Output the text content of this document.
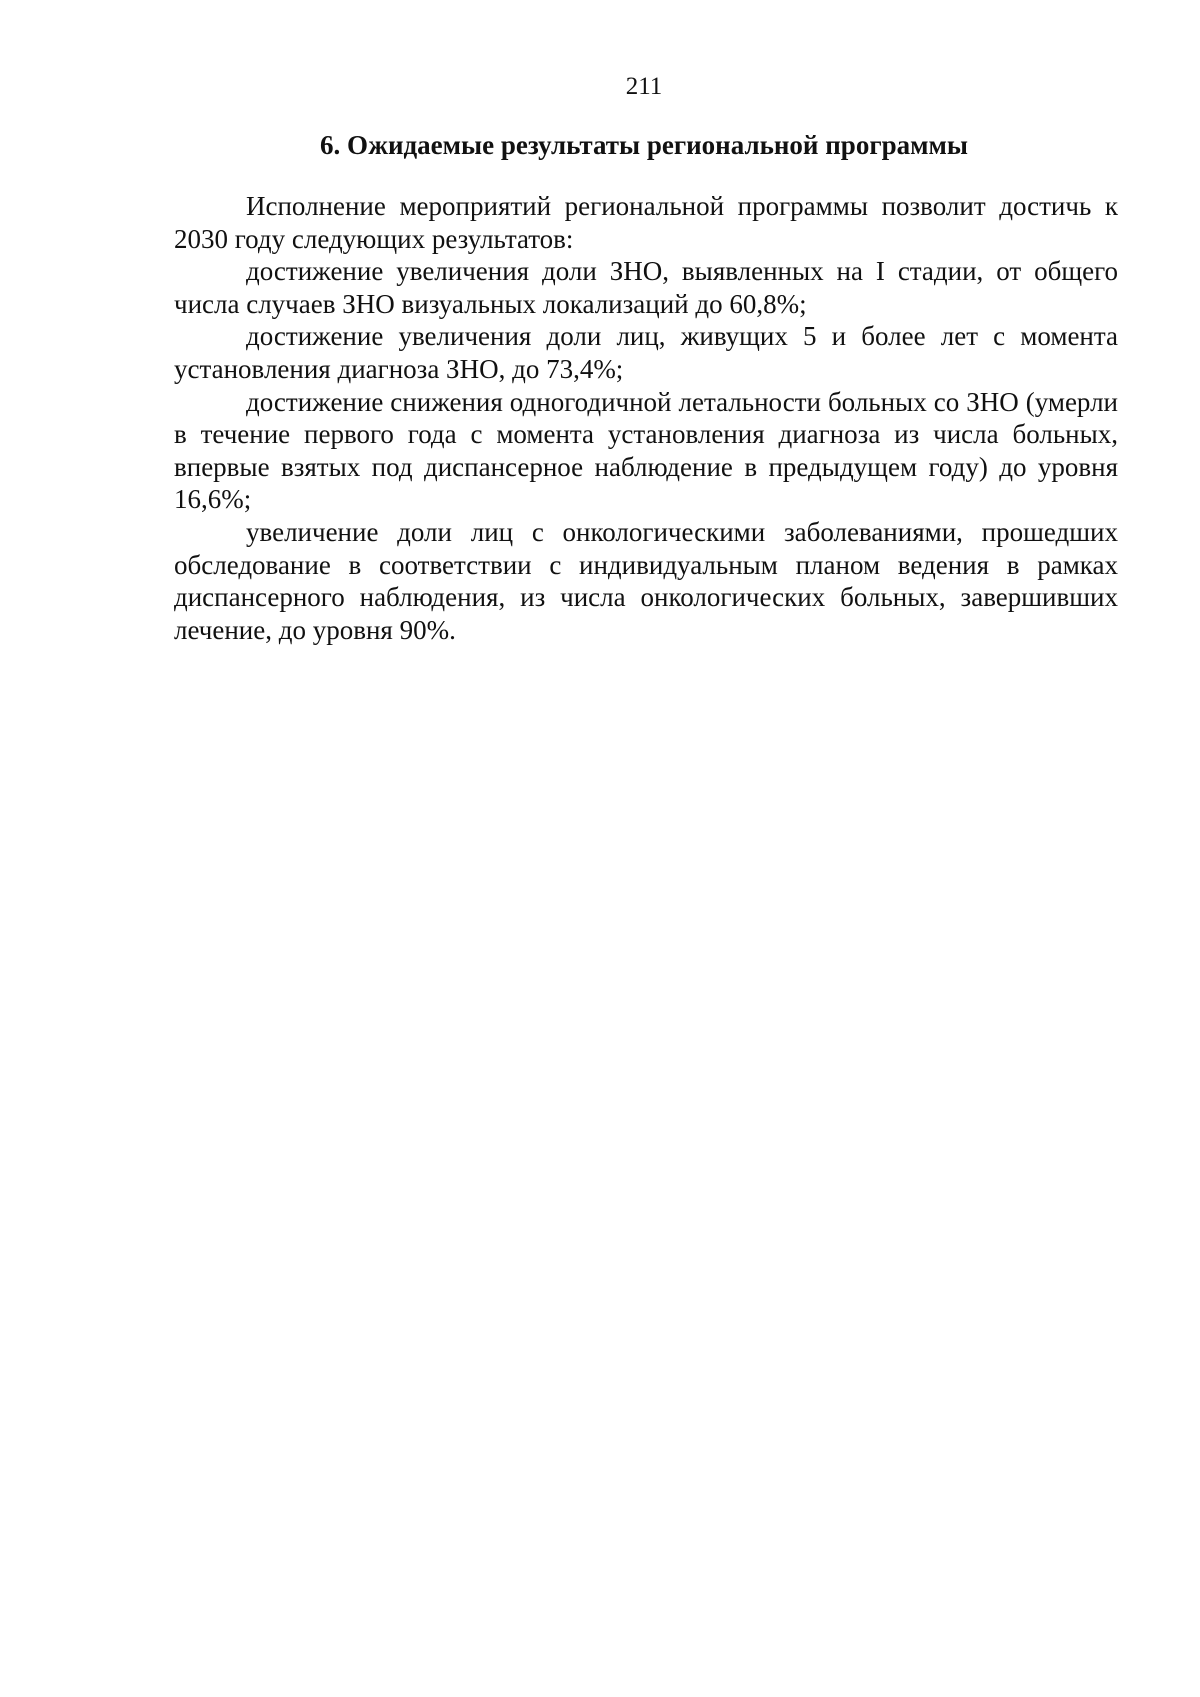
211
6. Ожидаемые результаты региональной программы

Исполнение мероприятий региональной программы позволит достичь к 2030 году следующих результатов:

достижение увеличения доли ЗНО, выявленных на I стадии, от общего числа случаев ЗНО визуальных локализаций до 60,8%;

достижение увеличения доли лиц, живущих 5 и более лет с момента установления диагноза ЗНО, до 73,4%;

достижение снижения одногодичной летальности больных со ЗНО (умерли в течение первого года с момента установления диагноза из числа больных, впервые взятых под диспансерное наблюдение в предыдущем году) до уровня 16,6%;

увеличение доли лиц с онкологическими заболеваниями, прошедших обследование в соответствии с индивидуальным планом ведения в рамках диспансерного наблюдения, из числа онкологических больных, завершивших лечение, до уровня 90%.
